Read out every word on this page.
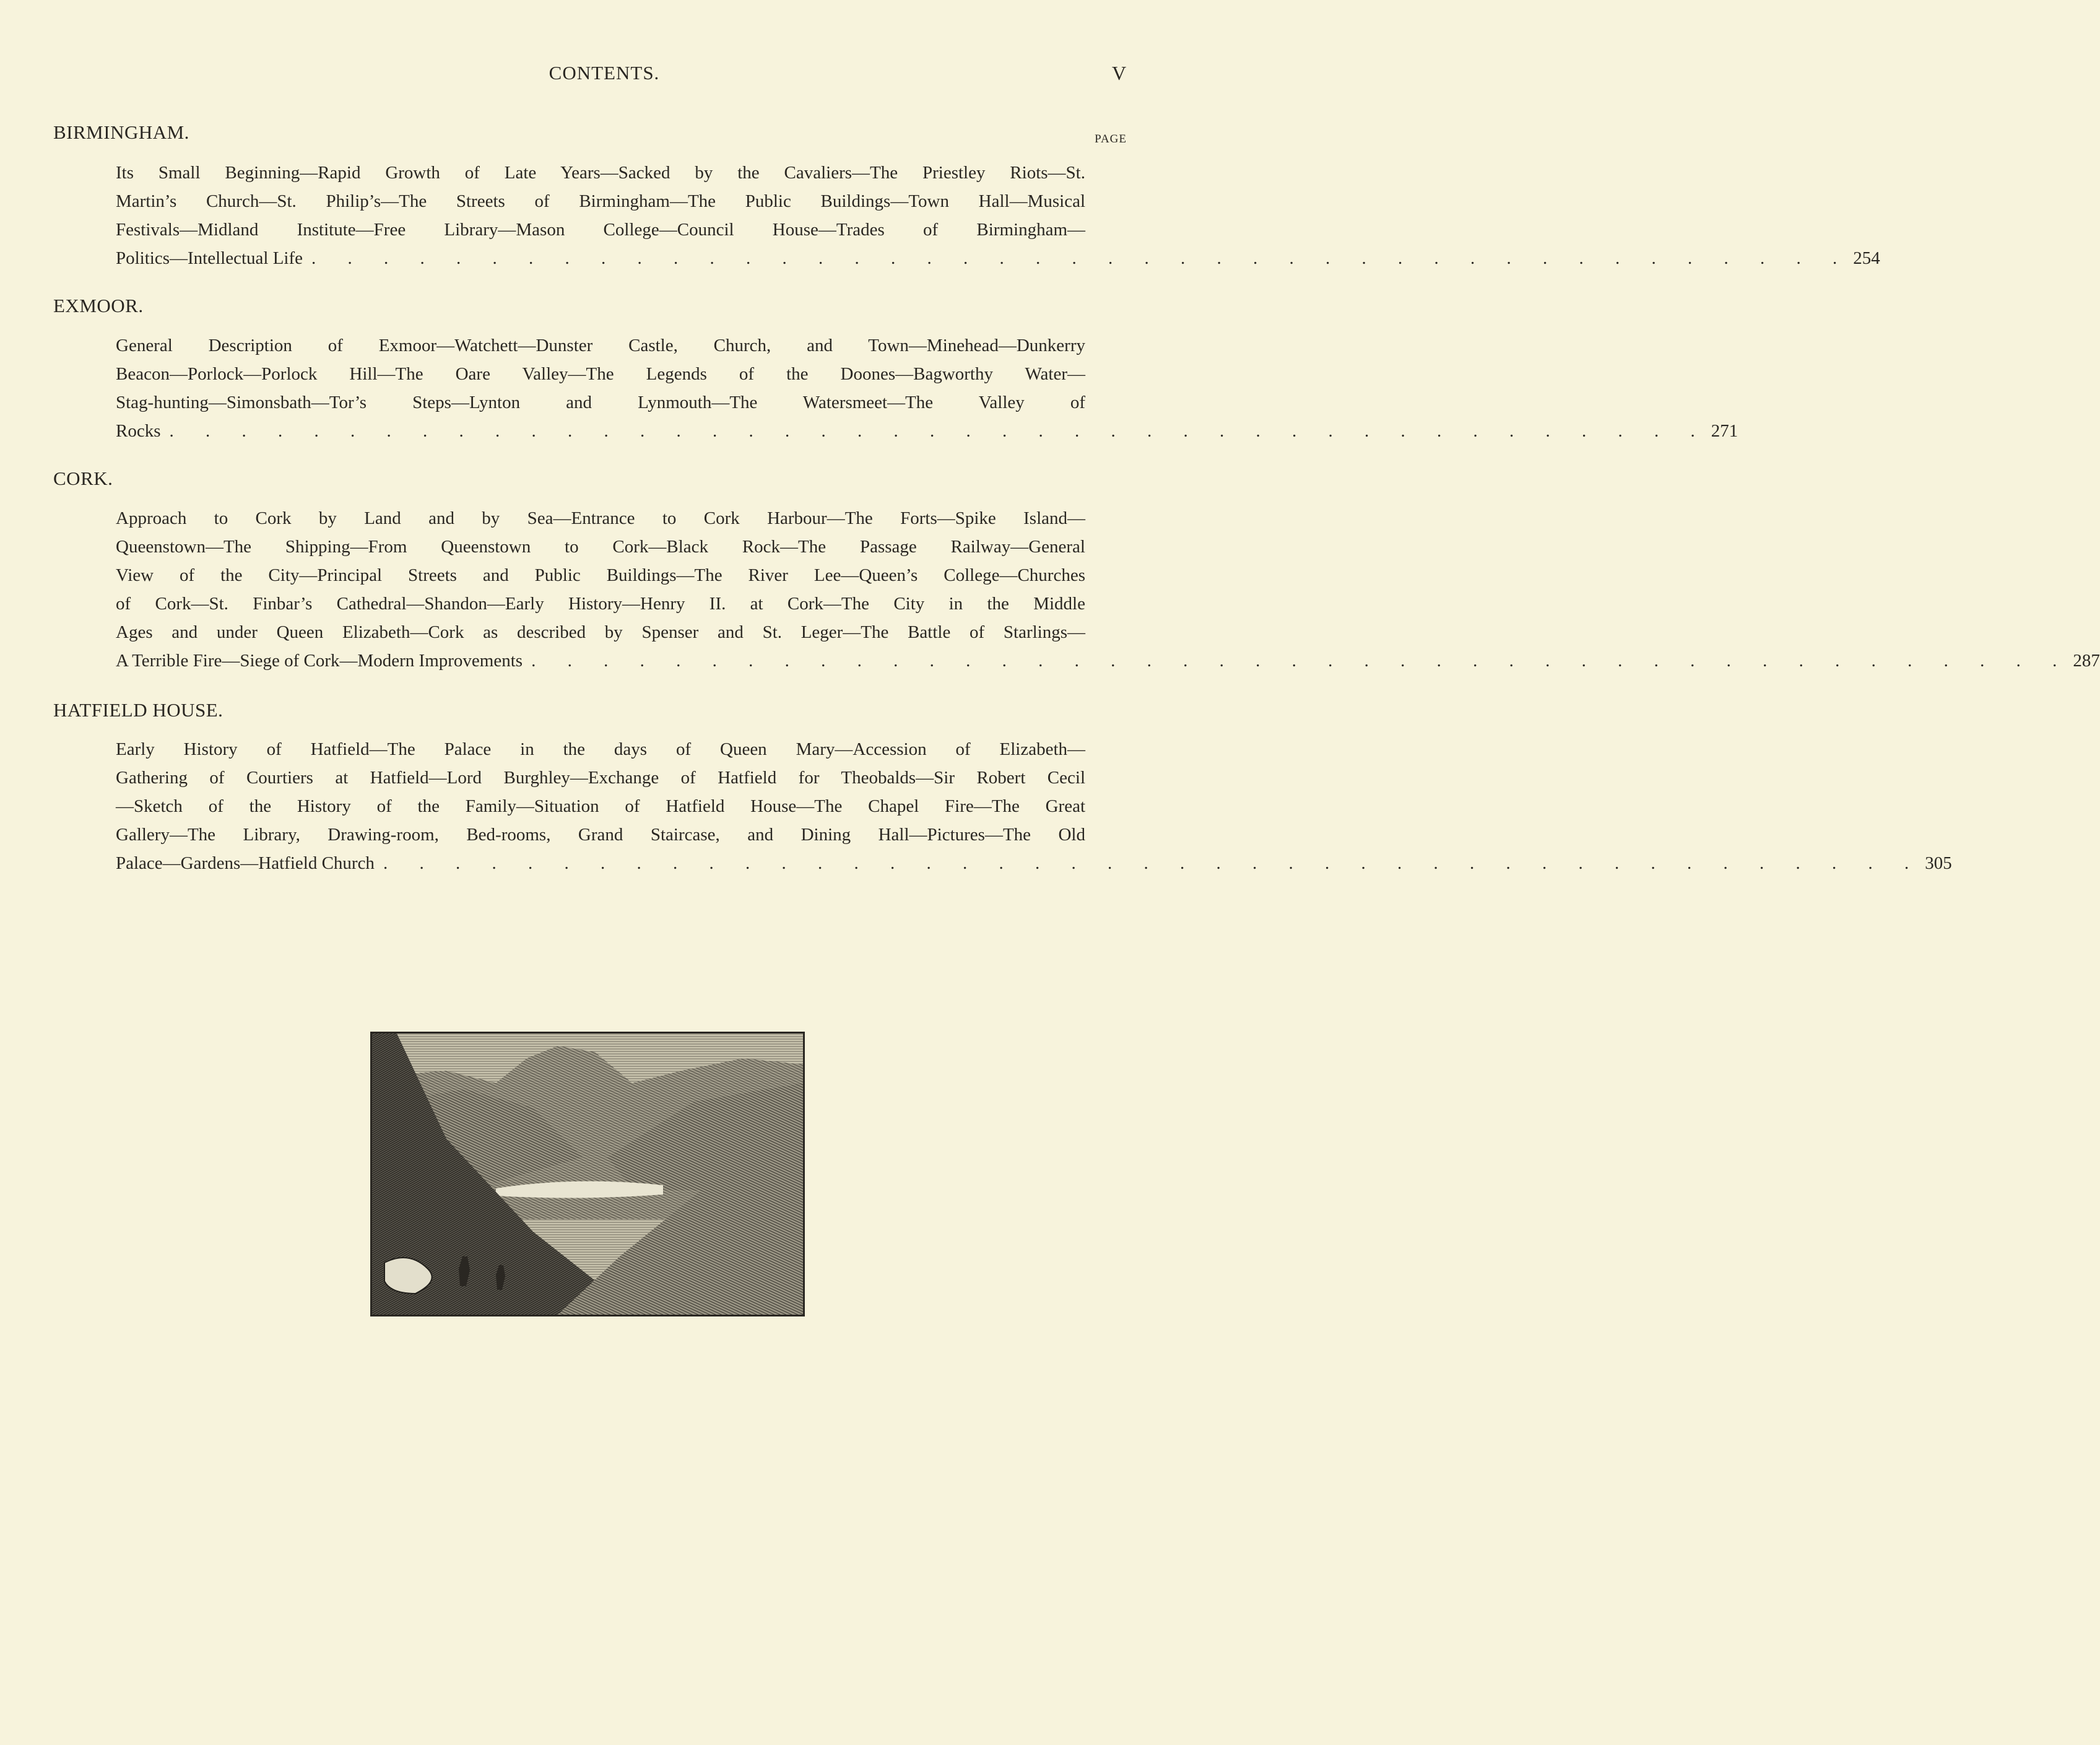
CONTENTS.	V
PAGE
BIRMINGHAM.
Its Small Beginning—Rapid Growth of Late Years—Sacked by the Cavaliers—The Priestley Riots—St.
Martin’s Church—St. Philip’s—The Streets of Birmingham—The Public Buildings—Town Hall—Musical
Festivals—Midland Institute—Free Library—Mason College—Council House—Trades of Birmingham—
Politics—Intellectual Life . . . . . . . . . . . . . . . . . . . . . . . . . . . . . . . . . . . . . . . . . . . 254
EXMOOR.
General Description of Exmoor—Watchett—Dunster Castle, Church, and Town—Minehead—Dunkerry
Beacon—Porlock—Porlock Hill—The Oare Valley—The Legends of the Doones—Bagworthy Water—
Stag-hunting—Simonsbath—Tor’s Steps—Lynton and Lynmouth—The Watersmeet—The Valley of
Rocks . . . . . . . . . . . . . . . . . . . . . . . . . . . . . . . . . . . . . . . . . . . 271
CORK.
Approach to Cork by Land and by Sea—Entrance to Cork Harbour—The Forts—Spike Island—
Queenstown—The Shipping—From Queenstown to Cork—Black Rock—The Passage Railway—General
View of the City—Principal Streets and Public Buildings—The River Lee—Queen’s College—Churches
of Cork—St. Finbar’s Cathedral—Shandon—Early History—Henry II. at Cork—The City in the Middle
Ages and under Queen Elizabeth—Cork as described by Spenser and St. Leger—The Battle of Starlings—
A Terrible Fire—Siege of Cork—Modern Improvements . . . . . . . . . . . . . . . . . . . . . . . . . . . . . . . . . . . . . . . . . . . 287
HATFIELD HOUSE.
Early History of Hatfield—The Palace in the days of Queen Mary—Accession of Elizabeth—
Gathering of Courtiers at Hatfield—Lord Burghley—Exchange of Hatfield for Theobalds—Sir Robert Cecil
—Sketch of the History of the Family—Situation of Hatfield House—The Chapel Fire—The Great
Gallery—The Library, Drawing-room, Bed-rooms, Grand Staircase, and Dining Hall—Pictures—The Old
Palace—Gardens—Hatfield Church . . . . . . . . . . . . . . . . . . . . . . . . . . . . . . . . . . . . . . . . . . . 305
